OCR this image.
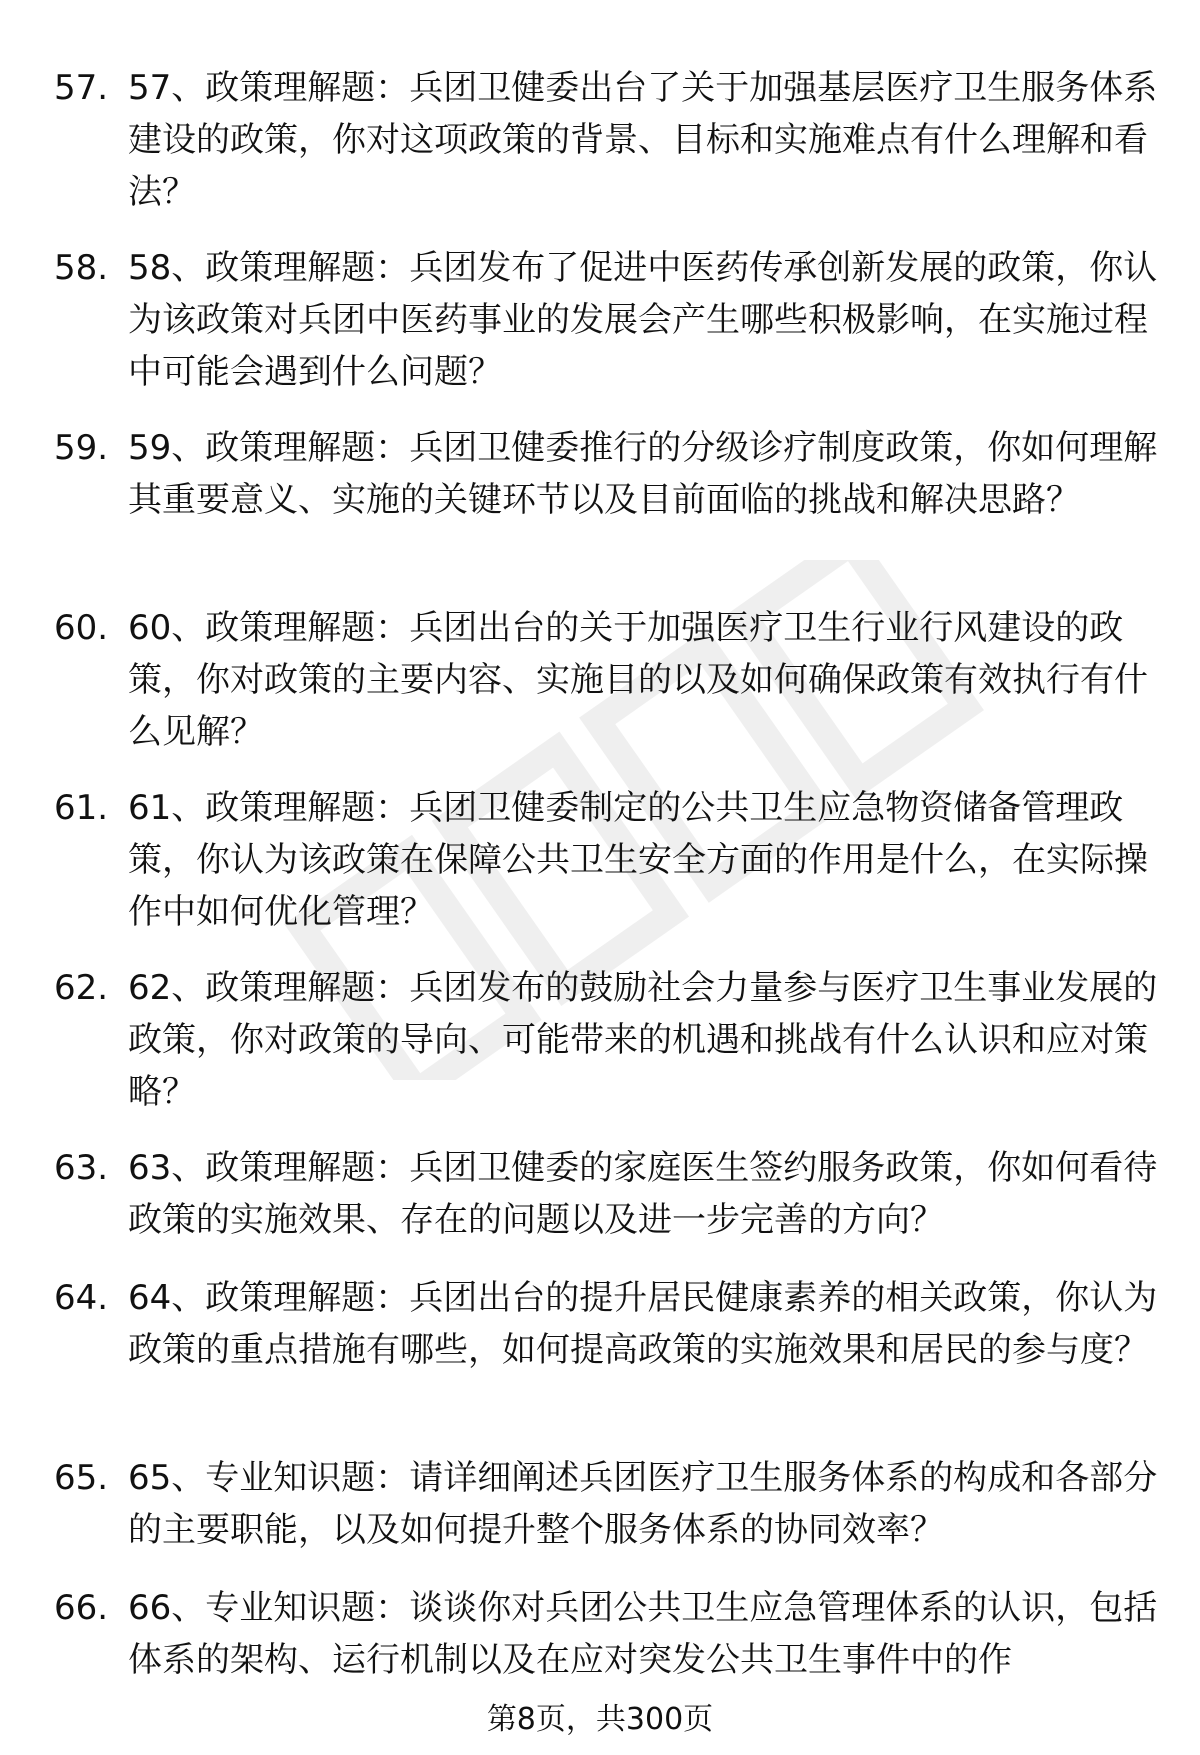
57. 57、政策理解题：兵团卫健委出台了关于加强基层医疗卫生服务体系建设的政策，你对这项政策的背景、目标和实施难点有什么理解和看法？
58. 58、政策理解题：兵团发布了促进中医药传承创新发展的政策，你认为该政策对兵团中医药事业的发展会产生哪些积极影响，在实施过程中可能会遇到什么问题？
59. 59、政策理解题：兵团卫健委推行的分级诊疗制度政策，你如何理解其重要意义、实施的关键环节以及目前面临的挑战和解决思路？
60. 60、政策理解题：兵团出台的关于加强医疗卫生行业行风建设的政策，你对政策的主要内容、实施目的以及如何确保政策有效执行有什么见解？
61. 61、政策理解题：兵团卫健委制定的公共卫生应急物资储备管理政策，你认为该政策在保障公共卫生安全方面的作用是什么，在实际操作中如何优化管理？
62. 62、政策理解题：兵团发布的鼓励社会力量参与医疗卫生事业发展的政策，你对政策的导向、可能带来的机遇和挑战有什么认识和应对策略？
63. 63、政策理解题：兵团卫健委的家庭医生签约服务政策，你如何看待政策的实施效果、存在的问题以及进一步完善的方向？
64. 64、政策理解题：兵团出台的提升居民健康素养的相关政策，你认为政策的重点措施有哪些，如何提高政策的实施效果和居民的参与度？
65. 65、专业知识题：请详细阐述兵团医疗卫生服务体系的构成和各部分的主要职能，以及如何提升整个服务体系的协同效率？
66. 66、专业知识题：谈谈你对兵团公共卫生应急管理体系的认识，包括体系的架构、运行机制以及在应对突发公共卫生事件中的作
第8页，共300页
